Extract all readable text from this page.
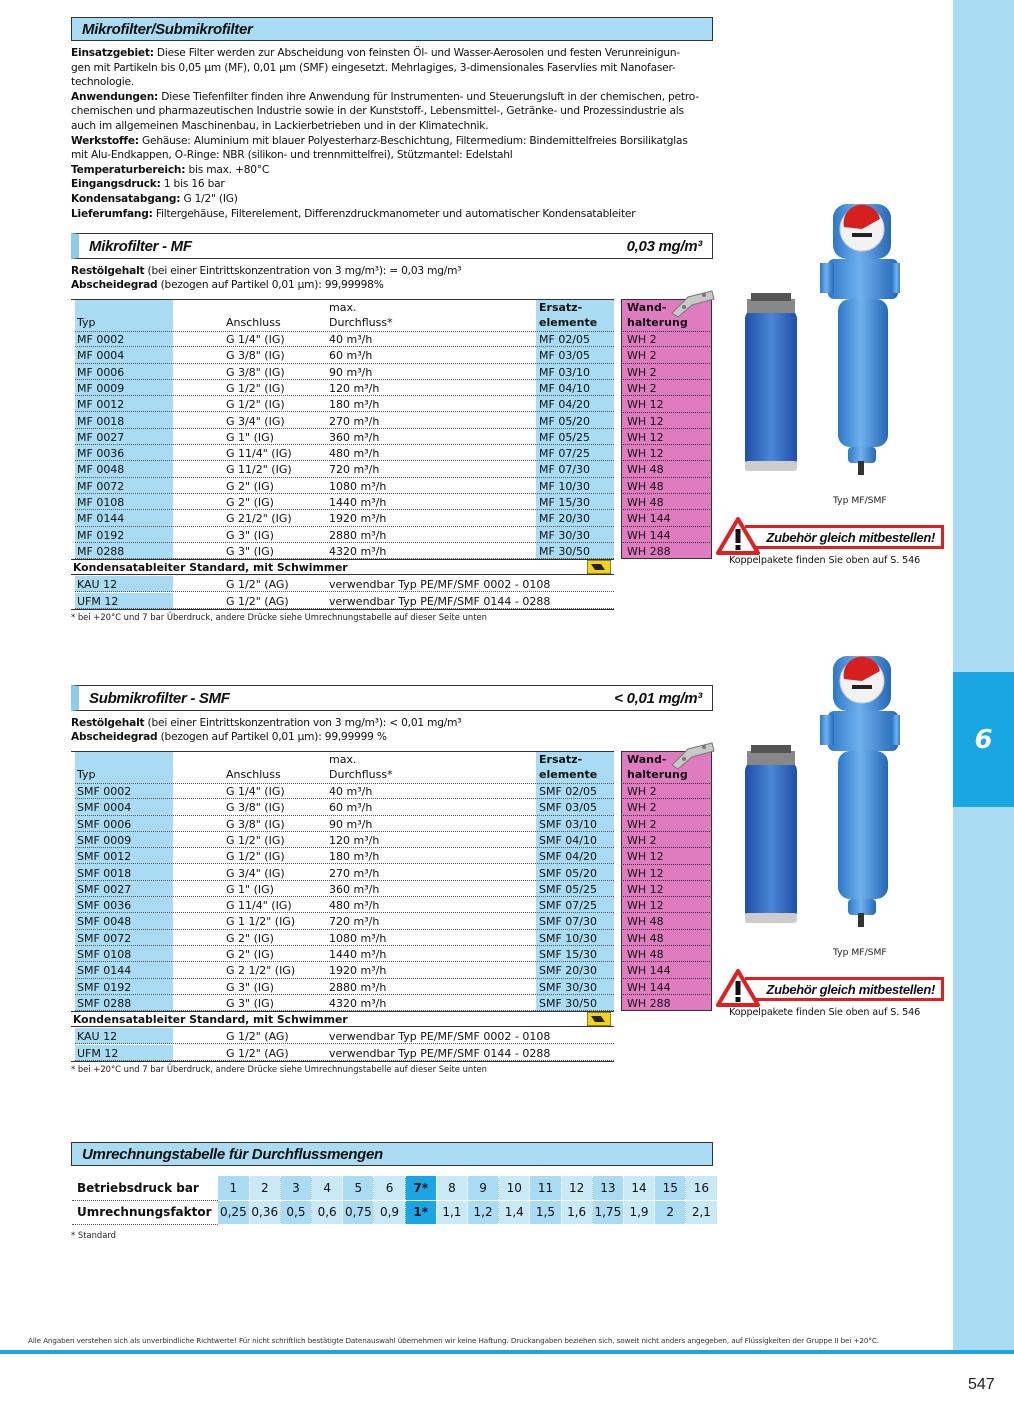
6
547
Alle Angaben verstehen sich als unverbindliche Richtwerte! Für nicht schriftlich bestätigte Datenauswahl übernehmen wir keine Haftung. Druckangaben beziehen sich, soweit nicht anders angegeben, auf Flüssigkeiten der Gruppe II bei +20°C.
Mikrofilter/Submikrofilter
Einsatzgebiet: Diese Filter werden zur Abscheidung von feinsten Öl- und Wasser-Aerosolen und festen Verunreinigun-
gen mit Partikeln bis 0,05 µm (MF), 0,01 µm (SMF) eingesetzt. Mehrlagiges, 3-dimensionales Faservlies mit Nanofaser-
technologie.
Anwendungen: Diese Tiefenfilter finden ihre Anwendung für Instrumenten- und Steuerungsluft in der chemischen, petro-
chemischen und pharmazeutischen Industrie sowie in der Kunststoff-, Lebensmittel-, Getränke- und Prozessindustrie als
auch im allgemeinen Maschinenbau, in Lackierbetrieben und in der Klimatechnik.
Werkstoffe: Gehäuse: Aluminium mit blauer Polyesterharz-Beschichtung, Filtermedium: Bindemittelfreies Borsilikatglas
mit Alu-Endkappen, O-Ringe: NBR (silikon- und trennmittelfrei), Stützmantel: Edelstahl
Temperaturbereich: bis max. +80°C
Eingangsdruck: 1 bis 16 bar
Kondensatabgang: G 1/2" (IG)
Lieferumfang: Filtergehäuse, Filterelement, Differenzdruckmanometer und automatischer Kondensatableiter
Umrechnungstabelle für Durchflussmengen
Betriebsdruck bar	1	2	3	4	5	6	7*	8	9	10	11	12	13	14	15	16
Umrechnungsfaktor	0,25	0,36	0,5	0,6	0,75	0,9	1*	1,1	1,2	1,4	1,5	1,6	1,75	1,9	2	2,1
* Standard
Mikrofilter - MF	0,03 mg/m³
Restölgehalt (bei einer Eintrittskonzentration von 3 mg/m³): = 0,03 mg/m³
Abscheidegrad (bezogen auf Partikel 0,01 µm): 99,99998%
Typ	Anschluss
max.
Durchfluss*
Ersatz-
elemente
Wand-
halterung
MF 0002	G 1/4" (IG)	40 m³/h	MF 02/05	WH 2
MF 0004	G 3/8" (IG)	60 m³/h	MF 03/05	WH 2
MF 0006	G 3/8" (IG)	90 m³/h	MF 03/10	WH 2
MF 0009	G 1/2" (IG)	120 m³/h	MF 04/10	WH 2
MF 0012	G 1/2" (IG)	180 m³/h	MF 04/20	WH 12
MF 0018	G 3/4" (IG)	270 m³/h	MF 05/20	WH 12
MF 0027	G 1" (IG)	360 m³/h	MF 05/25	WH 12
MF 0036	G 11/4" (IG)	480 m³/h	MF 07/25	WH 12
MF 0048	G 11/2" (IG)	720 m³/h	MF 07/30	WH 48
MF 0072	G 2" (IG)	1080 m³/h	MF 10/30	WH 48
MF 0108	G 2" (IG)	1440 m³/h	MF 15/30	WH 48
MF 0144	G 21/2" (IG)	1920 m³/h	MF 20/30	WH 144
MF 0192	G 3" (IG)	2880 m³/h	MF 30/30	WH 144
MF 0288	G 3" (IG)	4320 m³/h	MF 30/50	WH 288
Kondensatableiter Standard, mit Schwimmer
KAU 12	G 1/2" (AG)	verwendbar Typ PE/MF/SMF 0002 - 0108
UFM 12	G 1/2" (AG)	verwendbar Typ PE/MF/SMF 0144 - 0288
* bei +20°C und 7 bar Überdruck, andere Drücke siehe Umrechnungstabelle auf dieser Seite unten
Typ MF/SMF
Zubehör gleich mitbestellen!
Koppelpakete finden Sie oben auf S. 546
Submikrofilter - SMF	< 0,01 mg/m³
Restölgehalt (bei einer Eintrittskonzentration von 3 mg/m³): < 0,01 mg/m³
Abscheidegrad (bezogen auf Partikel 0,01 µm): 99,99999 %
Typ	Anschluss
max.
Durchfluss*
Ersatz-
elemente
Wand-
halterung
SMF 0002	G 1/4" (IG)	40 m³/h	SMF 02/05	WH 2
SMF 0004	G 3/8" (IG)	60 m³/h	SMF 03/05	WH 2
SMF 0006	G 3/8" (IG)	90 m³/h	SMF 03/10	WH 2
SMF 0009	G 1/2" (IG)	120 m³/h	SMF 04/10	WH 2
SMF 0012	G 1/2" (IG)	180 m³/h	SMF 04/20	WH 12
SMF 0018	G 3/4" (IG)	270 m³/h	SMF 05/20	WH 12
SMF 0027	G 1" (IG)	360 m³/h	SMF 05/25	WH 12
SMF 0036	G 11/4" (IG)	480 m³/h	SMF 07/25	WH 12
SMF 0048	G 1 1/2" (IG)	720 m³/h	SMF 07/30	WH 48
SMF 0072	G 2" (IG)	1080 m³/h	SMF 10/30	WH 48
SMF 0108	G 2" (IG)	1440 m³/h	SMF 15/30	WH 48
SMF 0144	G 2 1/2" (IG)	1920 m³/h	SMF 20/30	WH 144
SMF 0192	G 3" (IG)	2880 m³/h	SMF 30/30	WH 144
SMF 0288	G 3" (IG)	4320 m³/h	SMF 30/50	WH 288
Kondensatableiter Standard, mit Schwimmer
KAU 12	G 1/2" (AG)	verwendbar Typ PE/MF/SMF 0002 - 0108
UFM 12	G 1/2" (AG)	verwendbar Typ PE/MF/SMF 0144 - 0288
* bei +20°C und 7 bar Überdruck, andere Drücke siehe Umrechnungstabelle auf dieser Seite unten
Typ MF/SMF
Zubehör gleich mitbestellen!
Koppelpakete finden Sie oben auf S. 546
